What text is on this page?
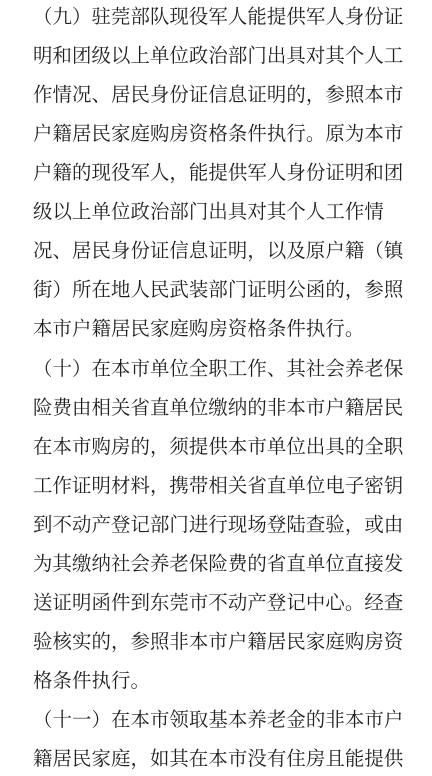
（九）驻莞部队现役军人能提供军人身份证
明和团级以上单位政治部门出具对其个人工
作情况、居民身份证信息证明的，参照本市
户籍居民家庭购房资格条件执行。原为本市
户籍的现役军人，能提供军人身份证明和团
级以上单位政治部门出具对其个人工作情
况、居民身份证信息证明，以及原户籍（镇
街）所在地人民武装部门证明公函的，参照
本市户籍居民家庭购房资格条件执行。
（十）在本市单位全职工作、其社会养老保
险费由相关省直单位缴纳的非本市户籍居民
在本市购房的，须提供本市单位出具的全职
工作证明材料，携带相关省直单位电子密钥
到不动产登记部门进行现场登陆查验，或由
为其缴纳社会养老保险费的省直单位直接发
送证明函件到东莞市不动产登记中心。经查
验核实的，参照非本市户籍居民家庭购房资
格条件执行。
（十一）在本市领取基本养老金的非本市户
籍居民家庭，如其在本市没有住房且能提供
